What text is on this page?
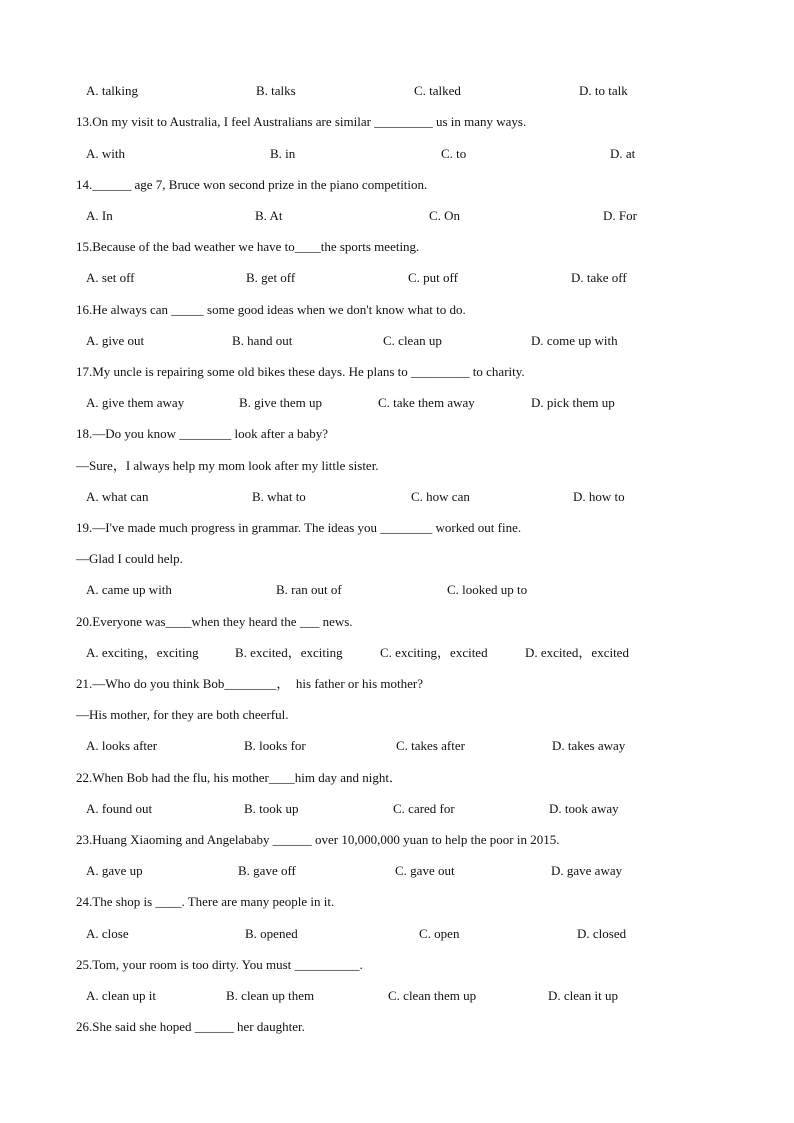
A. talking	B. talks	C. talked	D. to talk
13.On my visit to Australia, I feel Australians are similar _________ us in many ways.
A. with	B. in	C. to	D. at
14.______ age 7, Bruce won second prize in the piano competition.
A. In	B. At	C. On	D. For
15.Because of the bad weather we have to____the sports meeting.
A. set off	B. get off	C. put off	D. take off
16.He always can _____ some good ideas when we don't know what to do.
A. give out	B. hand out	C. clean up	D. come up with
17.My uncle is repairing some old bikes these days. He plans to _________ to charity.
A. give them away	B. give them up	C. take them away	D. pick them up
18.—Do you know ________ look after a baby?
—Sure，I always help my mom look after my little sister.
A. what can	B. what to	C. how can	D. how to
19.—I've made much progress in grammar. The ideas you ________ worked out fine.
—Glad I could help.
A. came up with	B. ran out of	C. looked up to
20.Everyone was____when they heard the ___ news.
A. exciting，exciting	B. excited，exciting	C. exciting，excited	D. excited，excited
21.—Who do you think Bob________，  his father or his mother?
—His mother, for they are both cheerful.
A. looks after	B. looks for	C. takes after	D. takes away
22.When Bob had the flu, his mother____him day and night．
A. found out	B. took up	C. cared for	D. took away
23.Huang Xiaoming and Angelababy ______ over 10,000,000 yuan to help the poor in 2015.
A. gave up	B. gave off	C. gave out	D. gave away
24.The shop is ____. There are many people in it.
A. close	B. opened	C. open	D. closed
25.Tom, your room is too dirty. You must __________.
A. clean up it	B. clean up them	C. clean them up	D. clean it up
26.She said she hoped ______ her daughter.
